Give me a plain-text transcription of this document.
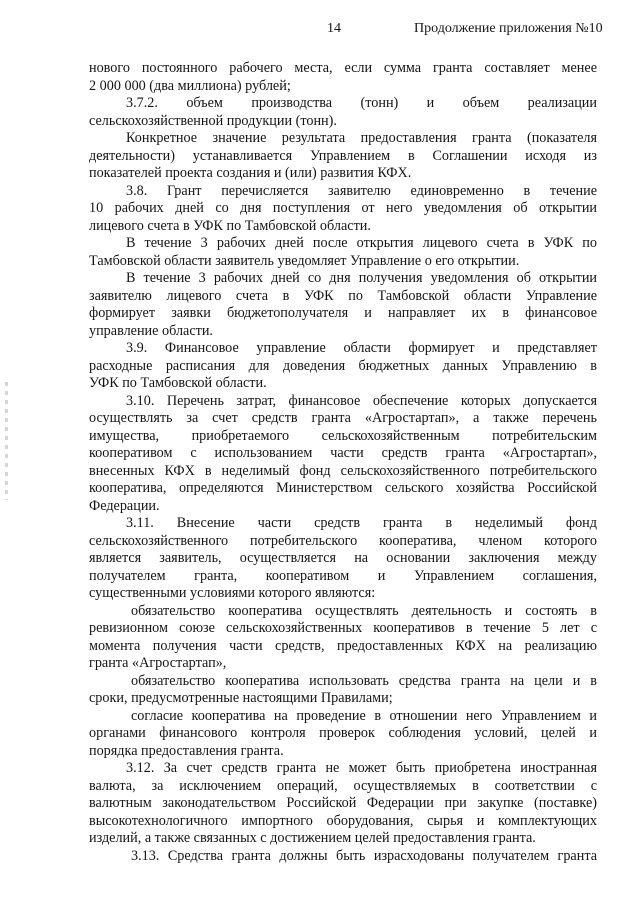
14	Продолжение приложения №10
нового постоянного рабочего места, если сумма гранта составляет менее
2 000 000 (два миллиона) рублей;
3.7.2. объем производства (тонн) и объем реализации
сельскохозяйственной продукции (тонн).
Конкретное значение результата предоставления гранта (показателя
деятельности) устанавливается Управлением в Соглашении исходя из
показателей проекта создания и (или) развития КФХ.
3.8. Грант перечисляется заявителю единовременно в течение
10 рабочих дней со дня поступления от него уведомления об открытии
лицевого счета в УФК по Тамбовской области.
В течение 3 рабочих дней после открытия лицевого счета в УФК по
Тамбовской области заявитель уведомляет Управление о его открытии.
В течение 3 рабочих дней со дня получения уведомления об открытии
заявителю лицевого счета в УФК по Тамбовской области Управление
формирует заявки бюджетополучателя и направляет их в финансовое
управление области.
3.9. Финансовое управление области формирует и представляет
расходные расписания для доведения бюджетных данных Управлению в
УФК по Тамбовской области.
3.10. Перечень затрат, финансовое обеспечение которых допускается
осуществлять за счет средств гранта «Агростартап», а также перечень
имущества, приобретаемого сельскохозяйственным потребительским
кооперативом с использованием части средств гранта «Агростартап»,
внесенных КФХ в неделимый фонд сельскохозяйственного потребительского
кооператива, определяются Министерством сельского хозяйства Российской
Федерации.
3.11. Внесение части средств гранта в неделимый фонд
сельскохозяйственного потребительского кооператива, членом которого
является заявитель, осуществляется на основании заключения между
получателем гранта, кооперативом и Управлением соглашения,
существенными условиями которого являются:
обязательство кооператива осуществлять деятельность и состоять в
ревизионном союзе сельскохозяйственных кооперативов в течение 5 лет с
момента получения части средств, предоставленных КФХ на реализацию
гранта «Агростартап»,
обязательство кооператива использовать средства гранта на цели и в
сроки, предусмотренные настоящими Правилами;
согласие кооператива на проведение в отношении него Управлением и
органами финансового контроля проверок соблюдения условий, целей и
порядка предоставления гранта.
3.12. За счет средств гранта не может быть приобретена иностранная
валюта, за исключением операций, осуществляемых в соответствии с
валютным законодательством Российской Федерации при закупке (поставке)
высокотехнологичного импортного оборудования, сырья и комплектующих
изделий, а также связанных с достижением целей предоставления гранта.
3.13. Средства гранта должны быть израсходованы получателем гранта
